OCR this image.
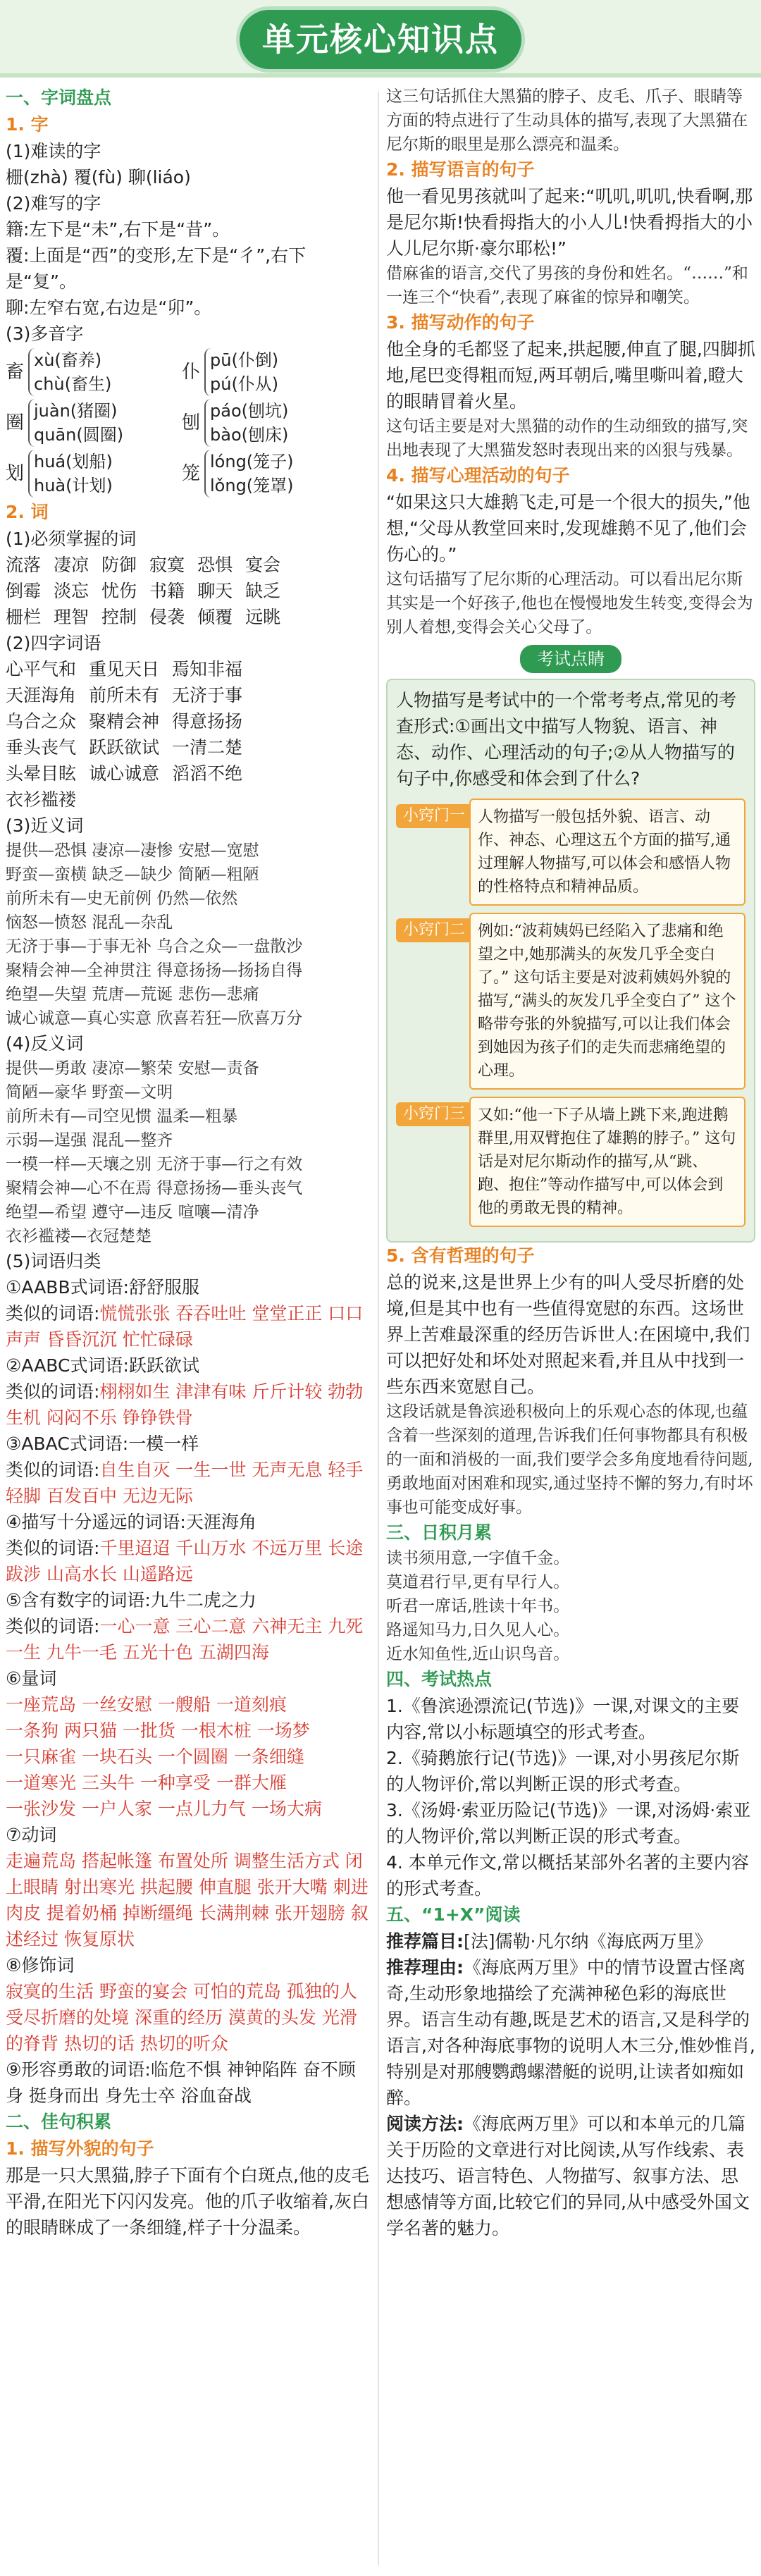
单元核心知识点
一、字词盘点
1. 字

(1)难读的字

栅(zhà) 覆(fù) 聊(liáo)

(2)难写的字

籍:左下是“未”,右下是“昔”。

覆:上面是“西”的变形,左下是“彳”,右下是“复”。

聊:左窄右宽,右边是“卯”。

(3)多音字

畜
xù(畜养)
chù(畜生)
仆
pū(仆倒)
pú(仆从)
圈
juàn(猪圈)
quān(圆圈)
刨
páo(刨坑)
bào(刨床)
划
huá(划船)
huà(计划)
笼
lóng(笼子)
lǒng(笼罩)
2. 词

(1)必须掌握的词

流落 凄凉 防御 寂寞 恐惧 宴会

倒霉 淡忘 忧伤 书籍 聊天 缺乏

栅栏 理智 控制 侵袭 倾覆 远眺

(2)四字词语

心平气和 重见天日 焉知非福

天涯海角 前所未有 无济于事

乌合之众 聚精会神 得意扬扬

垂头丧气 跃跃欲试 一清二楚

头晕目眩 诚心诚意 滔滔不绝

衣衫褴褛

(3)近义词

提供—恐惧 凄凉—凄惨 安慰—宽慰

野蛮—蛮横 缺乏—缺少 简陋—粗陋

前所未有—史无前例 仍然—依然

恼怒—愤怒 混乱—杂乱

无济于事—于事无补 乌合之众—一盘散沙

聚精会神—全神贯注 得意扬扬—扬扬自得

绝望—失望 荒唐—荒诞 悲伤—悲痛

诚心诚意—真心实意 欣喜若狂—欣喜万分

(4)反义词

提供—勇敢 凄凉—繁荣 安慰—责备

简陋—豪华 野蛮—文明

前所未有—司空见惯 温柔—粗暴

示弱—逞强 混乱—整齐

一模一样—天壤之别 无济于事—行之有效

聚精会神—心不在焉 得意扬扬—垂头丧气

绝望—希望 遵守—违反 喧嚷—清净

衣衫褴褛—衣冠楚楚

(5)词语归类

①AABB式词语:舒舒服服

类似的词语:慌慌张张 吞吞吐吐 堂堂正正 口口声声 昏昏沉沉 忙忙碌碌

②AABC式词语:跃跃欲试

类似的词语:栩栩如生 津津有味 斤斤计较 勃勃生机 闷闷不乐 铮铮铁骨

③ABAC式词语:一模一样

类似的词语:自生自灭 一生一世 无声无息 轻手轻脚 百发百中 无边无际

④描写十分遥远的词语:天涯海角

类似的词语:千里迢迢 千山万水 不远万里 长途跋涉 山高水长 山遥路远

⑤含有数字的词语:九牛二虎之力

类似的词语:一心一意 三心二意 六神无主 九死一生 九牛一毛 五光十色 五湖四海

⑥量词

一座荒岛 一丝安慰 一艘船 一道刻痕

一条狗 两只猫 一批货 一根木桩 一场梦

一只麻雀 一块石头 一个圆圈 一条细缝

一道寒光 三头牛 一种享受 一群大雁

一张沙发 一户人家 一点儿力气 一场大病

⑦动词

走遍荒岛 搭起帐篷 布置处所 调整生活方式 闭上眼睛 射出寒光 拱起腰 伸直腿 张开大嘴 刺进肉皮 提着奶桶 掉断缰绳 长满荆棘 张开翅膀 叙述经过 恢复原状

⑧修饰词

寂寞的生活 野蛮的宴会 可怕的荒岛 孤独的人 受尽折磨的处境 深重的经历 漠黄的头发 光滑的脊背 热切的话 热切的听众

⑨形容勇敢的词语:临危不惧 神钟陷阵 奋不顾身 挺身而出 身先士卒 浴血奋战

二、佳句积累
1. 描写外貌的句子

那是一只大黑猫,脖子下面有个白斑点,他的皮毛平滑,在阳光下闪闪发亮。他的爪子收缩着,灰白的眼睛眯成了一条细缝,样子十分温柔。

这三句话抓住大黑猫的脖子、皮毛、爪子、眼睛等方面的特点进行了生动具体的描写,表现了大黑猫在尼尔斯的眼里是那么漂亮和温柔。

2. 描写语言的句子

他一看见男孩就叫了起来:“叽叽,叽叽,快看啊,那是尼尔斯!快看拇指大的小人儿!快看拇指大的小人儿尼尔斯·豪尔耶松!”

借麻雀的语言,交代了男孩的身份和姓名。“……”和一连三个“快看”,表现了麻雀的惊异和嘲笑。

3. 描写动作的句子

他全身的毛都竖了起来,拱起腰,伸直了腿,四脚抓地,尾巴变得粗而短,两耳朝后,嘴里嘶叫着,瞪大的眼睛冒着火星。

这句话主要是对大黑猫的动作的生动细致的描写,突出地表现了大黑猫发怒时表现出来的凶狠与残暴。

4. 描写心理活动的句子

“如果这只大雄鹅飞走,可是一个很大的损失,”他想,“父母从教堂回来时,发现雄鹅不见了,他们会伤心的。”

这句话描写了尼尔斯的心理活动。可以看出尼尔斯其实是一个好孩子,他也在慢慢地发生转变,变得会为别人着想,变得会关心父母了。

考试点睛

人物描写是考试中的一个常考考点,常见的考查形式:①画出文中描写人物貌、语言、神态、动作、心理活动的句子;②从人物描写的句子中,你感受和体会到了什么?

小窍门一 人物描写一般包括外貌、语言、动作、神态、心理这五个方面的描写,通过理解人物描写,可以体会和感悟人物的性格特点和精神品质。
小窍门二 例如:“波莉姨妈已经陷入了悲痛和绝望之中,她那满头的灰发几乎全变白了。” 这句话主要是对波莉姨妈外貌的描写,“满头的灰发几乎全变白了” 这个略带夸张的外貌描写,可以让我们体会到她因为孩子们的走失而悲痛绝望的心理。
小窍门三 又如:“他一下子从墙上跳下来,跑进鹅群里,用双臂抱住了雄鹅的脖子。” 这句话是对尼尔斯动作的描写,从“跳、跑、抱住”等动作描写中,可以体会到他的勇敢无畏的精神。
5. 含有哲理的句子

总的说来,这是世界上少有的叫人受尽折磨的处境,但是其中也有一些值得宽慰的东西。这场世界上苦难最深重的经历告诉世人:在困境中,我们可以把好处和坏处对照起来看,并且从中找到一些东西来宽慰自己。

这段话就是鲁滨逊积极向上的乐观心态的体现,也蕴含着一些深刻的道理,告诉我们任何事物都具有积极的一面和消极的一面,我们要学会多角度地看待问题,勇敢地面对困难和现实,通过坚持不懈的努力,有时坏事也可能变成好事。

三、日积月累

读书须用意,一字值千金。

莫道君行早,更有早行人。

听君一席话,胜读十年书。

路遥知马力,日久见人心。

近水知鱼性,近山识鸟音。

四、考试热点

1.《鲁滨逊漂流记(节选)》一课,对课文的主要内容,常以小标题填空的形式考查。

2.《骑鹅旅行记(节选)》一课,对小男孩尼尔斯的人物评价,常以判断正误的形式考查。

3.《汤姆·索亚历险记(节选)》一课,对汤姆·索亚的人物评价,常以判断正误的形式考查。

4. 本单元作文,常以概括某部外名著的主要内容的形式考查。

五、“1+X”阅读

推荐篇目:[法]儒勒·凡尔纳《海底两万里》

推荐理由:《海底两万里》中的情节设置古怪离奇,生动形象地描绘了充满神秘色彩的海底世界。语言生动有趣,既是艺术的语言,又是科学的语言,对各种海底事物的说明人木三分,惟妙惟肖,特别是对那艘鹦鹉螺潜艇的说明,让读者如痴如醉。

阅读方法:《海底两万里》可以和本单元的几篇关于历险的文章进行对比阅读,从写作线索、表达技巧、语言特色、人物描写、叙事方法、思想感情等方面,比较它们的异同,从中感受外国文学名著的魅力。
